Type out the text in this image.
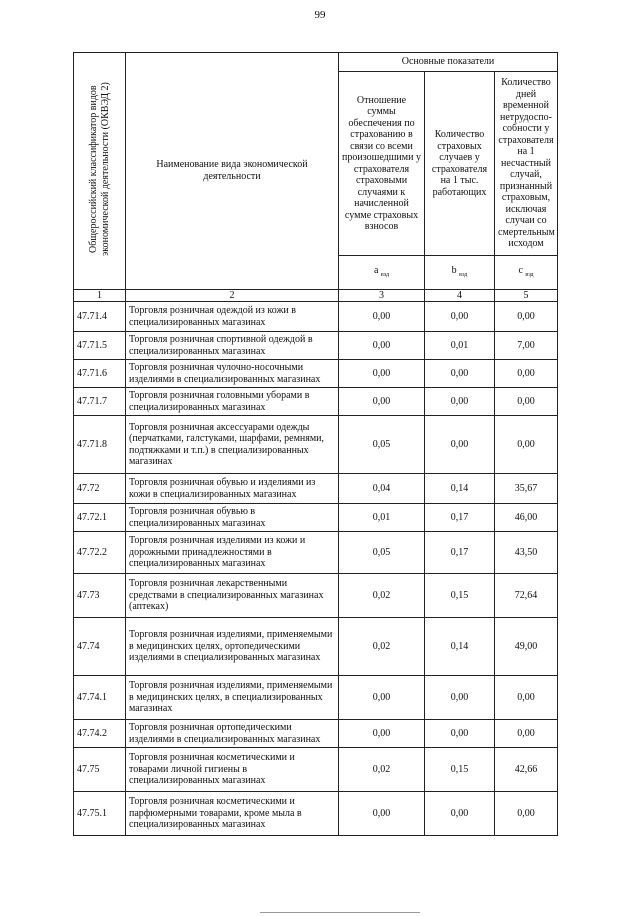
99
Общероссийский классификатор видов экономической деятельности (ОКВЭД 2)	Наименование вида экономической деятельности	Основные показатели		
		Отношение суммы обеспечения по страхованию в связи со всеми произошедшими у страхователя страховыми случаями к начисленной сумме страховых взносов	Количество страховых случаев у страхователя на 1 тыс. работающих	Количество дней временной нетрудоспо-собности у страхователя на 1 несчастный случай, признанный страховым, исключая случаи со смертельным исходом
		a $_{вэд}$	b $_{вэд}$	c $_{вэд}$
1	2	3	4	5
47.71.4	Торговля розничная одеждой из кожи в специализированных магазинах	0,00	0,00	0,00
47.71.5	Торговля розничная спортивной одеждой в специализированных магазинах	0,00	0,01	7,00
47.71.6	Торговля розничная чулочно-носочными изделиями в специализированных магазинах	0,00	0,00	0,00
47.71.7	Торговля розничная головными уборами в специализированных магазинах	0,00	0,00	0,00
47.71.8	Торговля розничная аксессуарами одежды (перчатками, галстуками, шарфами, ремнями, подтяжками и т.п.) в специализированных магазинах	0,05	0,00	0,00
47.72	Торговля розничная обувью и изделиями из кожи в специализированных магазинах	0,04	0,14	35,67
47.72.1	Торговля розничная обувью в специализированных магазинах	0,01	0,17	46,00
47.72.2	Торговля розничная изделиями из кожи и дорожными принадлежностями в специализированных магазинах	0,05	0,17	43,50
47.73	Торговля розничная лекарственными средствами в специализированных магазинах (аптеках)	0,02	0,15	72,64
47.74	Торговля розничная изделиями, применяемыми в медицинских целях, ортопедическими изделиями в специализированных магазинах	0,02	0,14	49,00
47.74.1	Торговля розничная изделиями, применяемыми в медицинских целях, в специализированных магазинах	0,00	0,00	0,00
47.74.2	Торговля розничная ортопедическими изделиями в специализированных магазинах	0,00	0,00	0,00
47.75	Торговля розничная косметическими и товарами личной гигиены в специализированных магазинах	0,02	0,15	42,66
47.75.1	Торговля розничная косметическими и парфюмерными товарами, кроме мыла в специализированных магазинах	0,00	0,00	0,00
